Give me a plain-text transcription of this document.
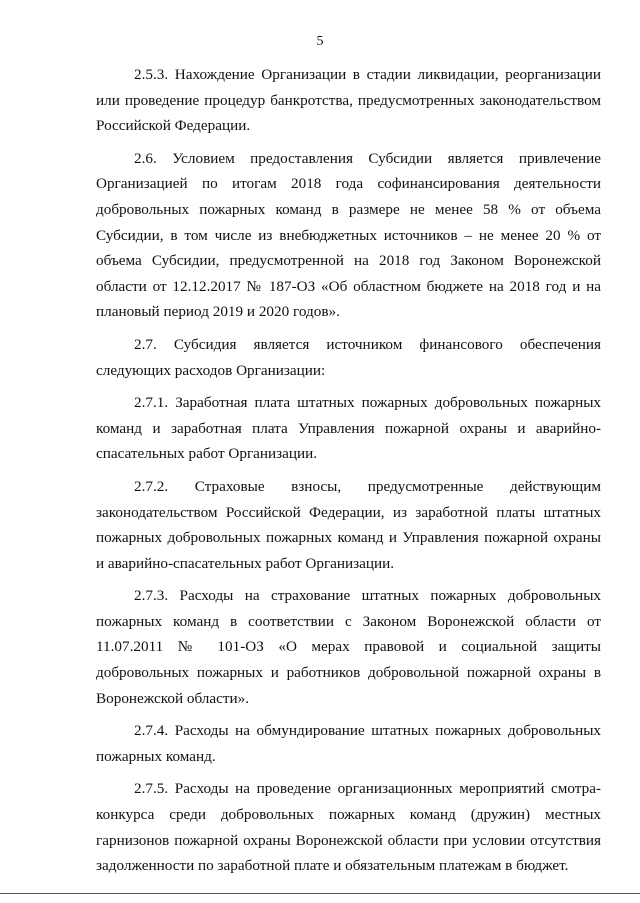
5

2.5.3. Нахождение Организации в стадии ликвидации, реорганизации или проведение процедур банкротства, предусмотренных законодательством Российской Федерации.

2.6. Условием предоставления Субсидии является привлечение Организацией по итогам 2018 года софинансирования деятельности добровольных пожарных команд в размере не менее 58 % от объема Субсидии, в том числе из внебюджетных источников – не менее 20 % от объема Субсидии, предусмотренной на 2018 год Законом Воронежской области от 12.12.2017 № 187-ОЗ «Об областном бюджете на 2018 год и на плановый период 2019 и 2020 годов».

2.7. Субсидия является источником финансового обеспечения следующих расходов Организации:

2.7.1. Заработная плата штатных пожарных добровольных пожарных команд и заработная плата Управления пожарной охраны и аварийно-спасательных работ Организации.

2.7.2. Страховые взносы, предусмотренные действующим законодательством Российской Федерации, из заработной платы штатных пожарных добровольных пожарных команд и Управления пожарной охраны и аварийно-спасательных работ Организации.

2.7.3. Расходы на страхование штатных пожарных добровольных пожарных команд в соответствии с Законом Воронежской области от 11.07.2011 № 101-ОЗ «О мерах правовой и социальной защиты добровольных пожарных и работников добровольной пожарной охраны в Воронежской области».

2.7.4. Расходы на обмундирование штатных пожарных добровольных пожарных команд.

2.7.5. Расходы на проведение организационных мероприятий смотра-конкурса среди добровольных пожарных команд (дружин) местных гарнизонов пожарной охраны Воронежской области при условии отсутствия задолженности по заработной плате и обязательным платежам в бюджет.
